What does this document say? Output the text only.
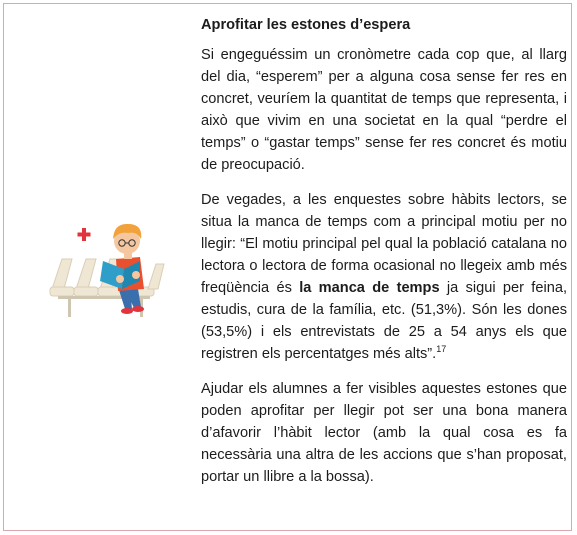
Aprofitar les estones d’espera

Si engeguéssim un cronòmetre cada cop que, al llarg del dia, “esperem” per a alguna cosa sense fer res en concret, veuríem la quantitat de temps que representa, i això que vivim en una societat en la qual “perdre el temps” o “gastar temps” sense fer res concret és motiu de preocupació.

De vegades, a les enquestes sobre hàbits lectors, se situa la manca de temps com a principal motiu per no llegir: “El motiu principal pel qual la població catalana no lectora o lectora de forma ocasional no llegeix amb més freqüència és la manca de temps ja sigui per feina, estudis, cura de la família, etc. (51,3%). Són les dones (53,5%) i els entrevistats de 25 a 54 anys els que registren els percentatges més alts”.$^{17}$

Ajudar els alumnes a fer visibles aquestes estones que poden aprofitar per llegir pot ser una bona manera d’afavorir l’hàbit lector (amb la qual cosa es fa necessària una altra de les accions que s’han proposat, portar un llibre a la bossa).
